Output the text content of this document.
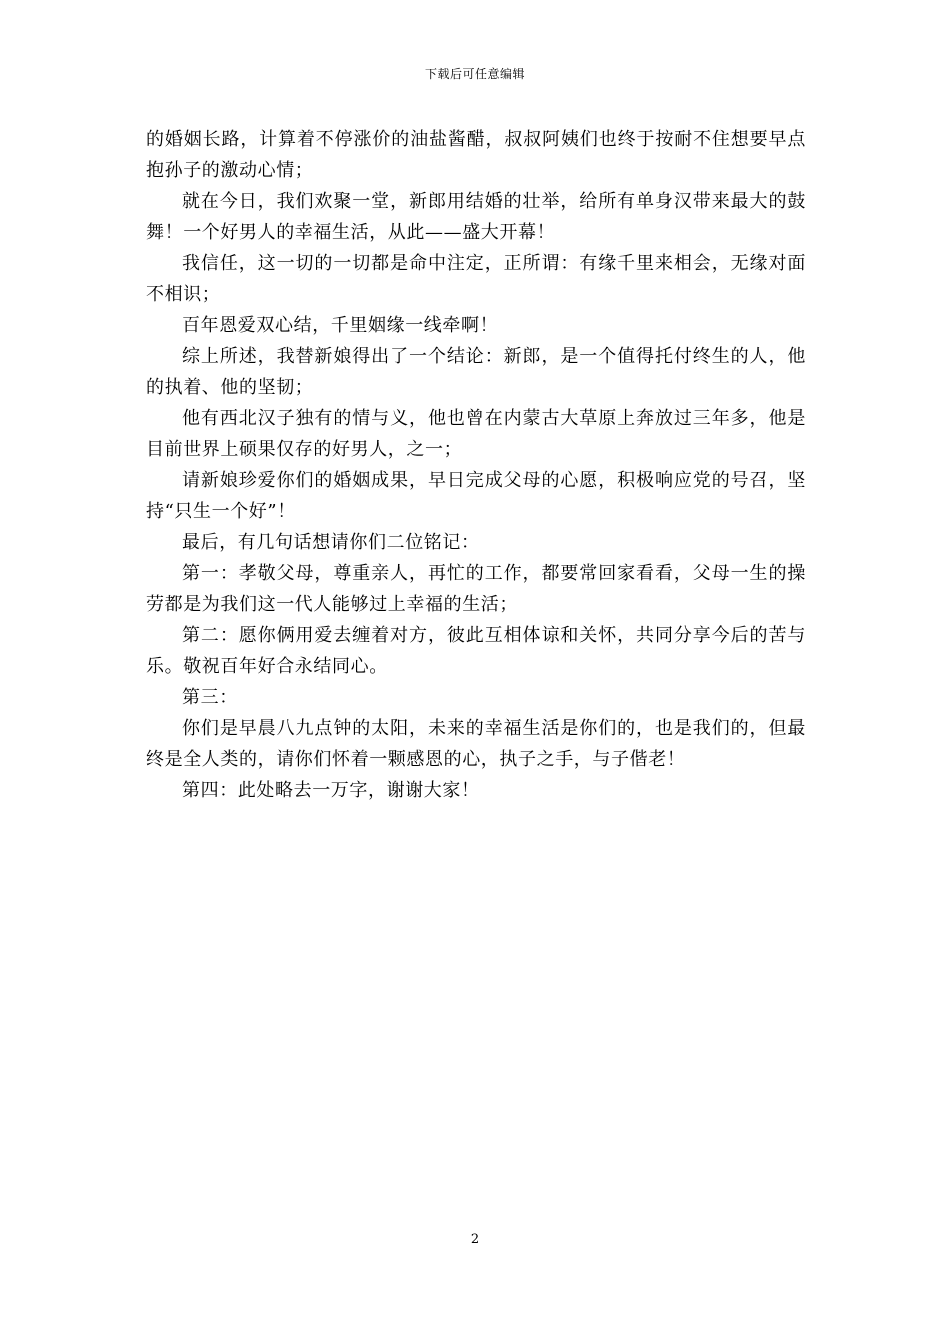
下载后可任意编辑

的婚姻长路，计算着不停涨价的油盐酱醋，叔叔阿姨们也终于按耐不住想要早点抱孙子的激动心情；

就在今日，我们欢聚一堂，新郎用结婚的壮举，给所有单身汉带来最大的鼓舞！一个好男人的幸福生活，从此——盛大开幕！

我信任，这一切的一切都是命中注定，正所谓：有缘千里来相会，无缘对面不相识；

百年恩爱双心结，千里姻缘一线牵啊！

综上所述，我替新娘得出了一个结论：新郎，是一个值得托付终生的人，他的执着、他的坚韧；

他有西北汉子独有的情与义，他也曾在内蒙古大草原上奔放过三年多，他是目前世界上硕果仅存的好男人，之一；

请新娘珍爱你们的婚姻成果，早日完成父母的心愿，积极响应党的号召，坚持“只生一个好”！

最后，有几句话想请你们二位铭记：

第一：孝敬父母，尊重亲人，再忙的工作，都要常回家看看，父母一生的操劳都是为我们这一代人能够过上幸福的生活；

第二：愿你俩用爱去缠着对方，彼此互相体谅和关怀，共同分享今后的苦与乐。敬祝百年好合永结同心。

第三：

你们是早晨八九点钟的太阳，未来的幸福生活是你们的，也是我们的，但最终是全人类的，请你们怀着一颗感恩的心，执子之手，与子偕老！

第四：此处略去一万字，谢谢大家！

2
